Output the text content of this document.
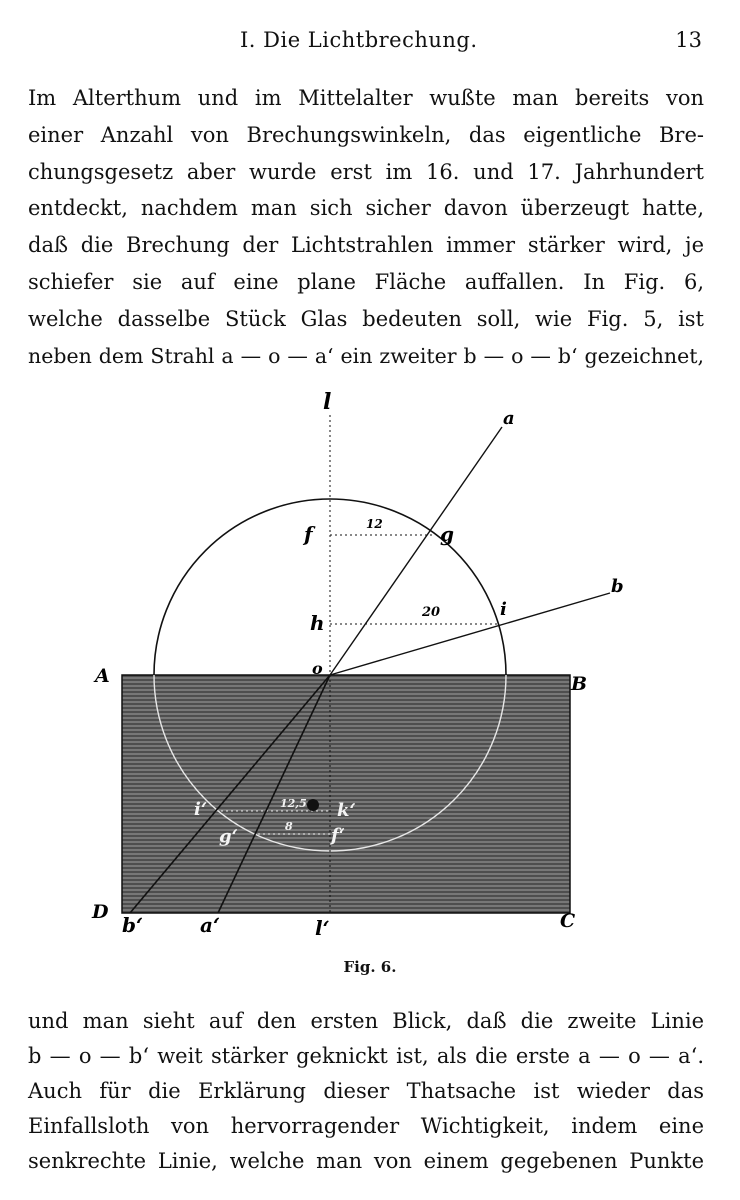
I. Die Lichtbrechung.	13
Im Alterthum und im Mittelalter wußte man bereits von
einer Anzahl von Brechungswinkeln, das eigentliche Bre-
chungsgesetz aber wurde erst im 16. und 17. Jahrhundert
entdeckt, nachdem man sich sicher davon überzeugt hatte,
daß die Brechung der Lichtstrahlen immer stärker wird, je
schiefer sie auf eine plane Fläche auffallen. In Fig. 6,
welche dasselbe Stück Glas bedeuten soll, wie Fig. 5, ist
neben dem Strahl a — o — a‘ ein zweiter b — o — b‘ gezeichnet,
l
a
b
f	12	g
h	20	i
o
A	B
D	C
b‘	a‘	l‘
i‘	12,5 k‘
8
g‘	f‘
Fig. 6.
und man sieht auf den ersten Blick, daß die zweite Linie
b — o — b‘ weit stärker geknickt ist, als die erste a — o — a‘.
Auch für die Erklärung dieser Thatsache ist wieder das
Einfallsloth von hervorragender Wichtigkeit, indem eine
senkrechte Linie, welche man von einem gegebenen Punkte
